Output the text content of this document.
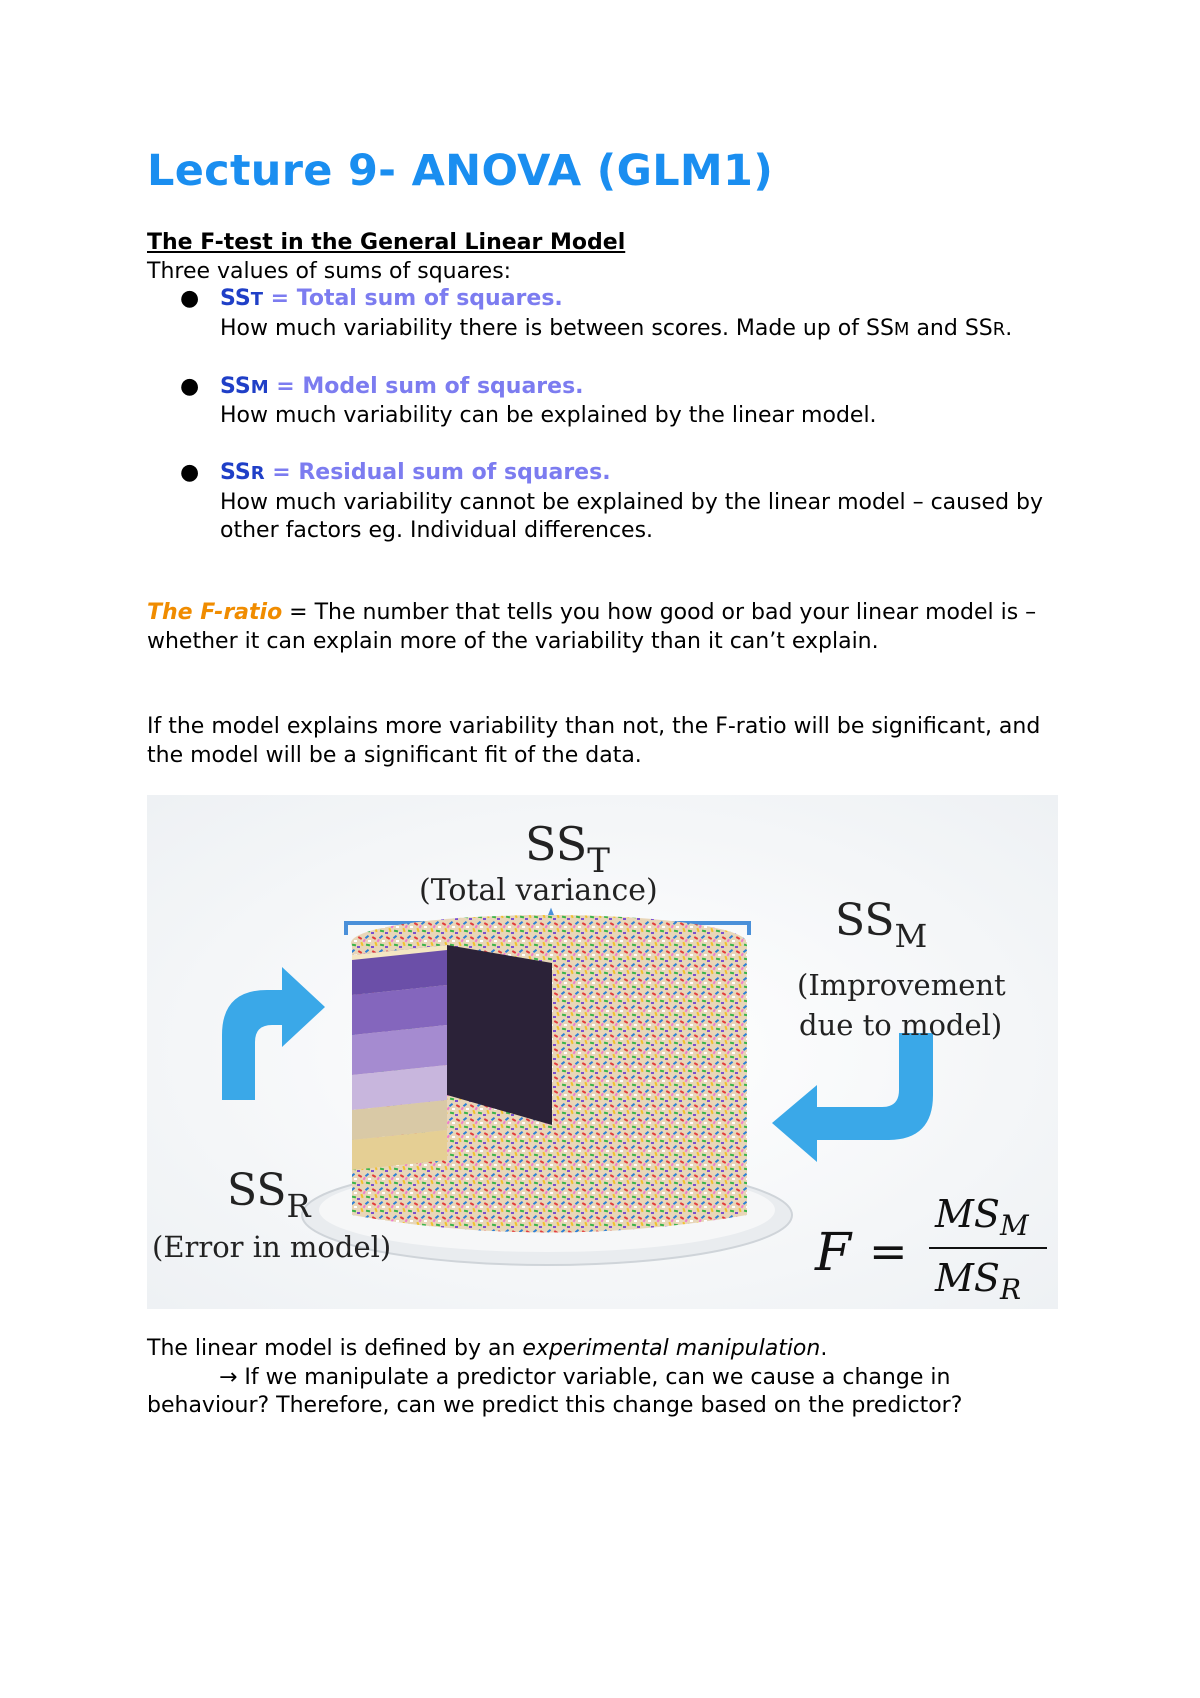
Lecture 9- ANOVA (GLM1)
The F-test in the General Linear Model
Three values of sums of squares:
● SST = Total sum of squares.
How much variability there is between scores. Made up of SSM and SSR.
● SSM = Model sum of squares.
How much variability can be explained by the linear model.
● SSR = Residual sum of squares.
How much variability cannot be explained by the linear model – caused by other factors eg. Individual differences.
The F-ratio = The number that tells you how good or bad your linear model is – whether it can explain more of the variability than it can’t explain.
If the model explains more variability than not, the F-ratio will be significant, and the model will be a significant fit of the data.
$SS_T$
(Total variance)
$SS_M$
(Improvement
due to model)
$SS_R$
(Error in model)	F =
$MS_M$
$MS_R$
The linear model is defined by an experimental manipulation.
→ If we manipulate a predictor variable, can we cause a change in behaviour? Therefore, can we predict this change based on the predictor?
